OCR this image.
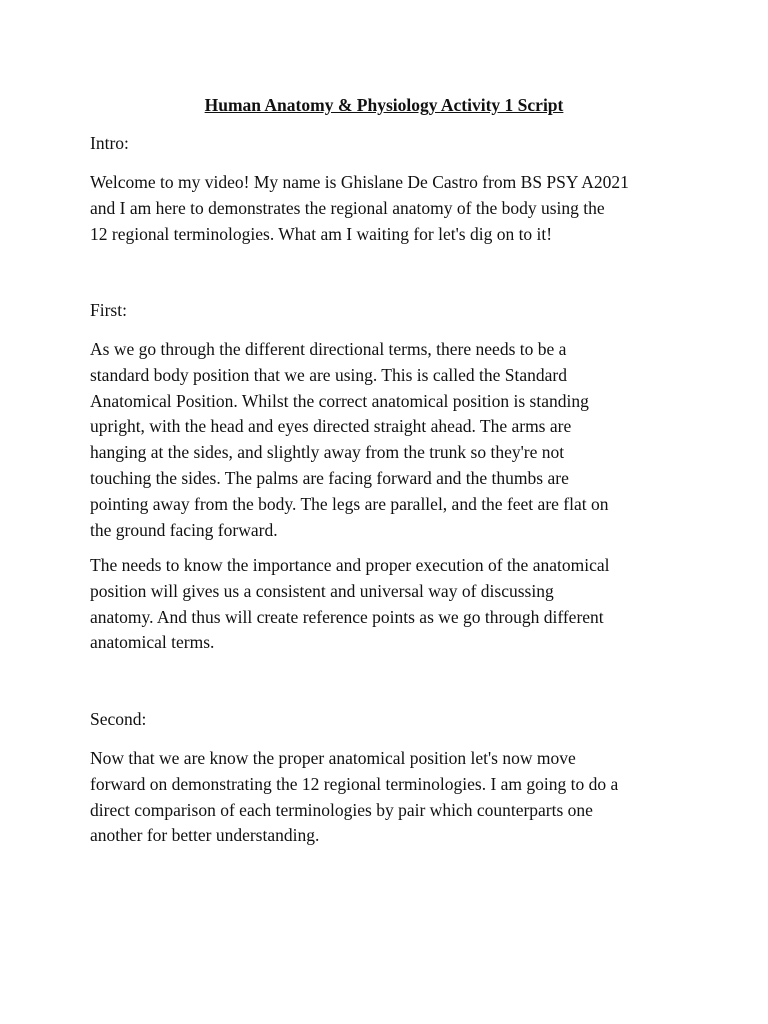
Human Anatomy & Physiology Activity 1 Script

Intro:

Welcome to my video! My name is Ghislane De Castro from BS PSY A2021
and I am here to demonstrates the regional anatomy of the body using the
12 regional terminologies. What am I waiting for let's dig on to it!

First:

As we go through the different directional terms, there needs to be a
standard body position that we are using. This is called the Standard
Anatomical Position. Whilst the correct anatomical position is standing
upright, with the head and eyes directed straight ahead. The arms are
hanging at the sides, and slightly away from the trunk so they're not
touching the sides. The palms are facing forward and the thumbs are
pointing away from the body. The legs are parallel, and the feet are flat on
the ground facing forward.

The needs to know the importance and proper execution of the anatomical
position will gives us a consistent and universal way of discussing
anatomy. And thus will create reference points as we go through different
anatomical terms.

Second:

Now that we are know the proper anatomical position let's now move
forward on demonstrating the 12 regional terminologies. I am going to do a
direct comparison of each terminologies by pair which counterparts one
another for better understanding.
